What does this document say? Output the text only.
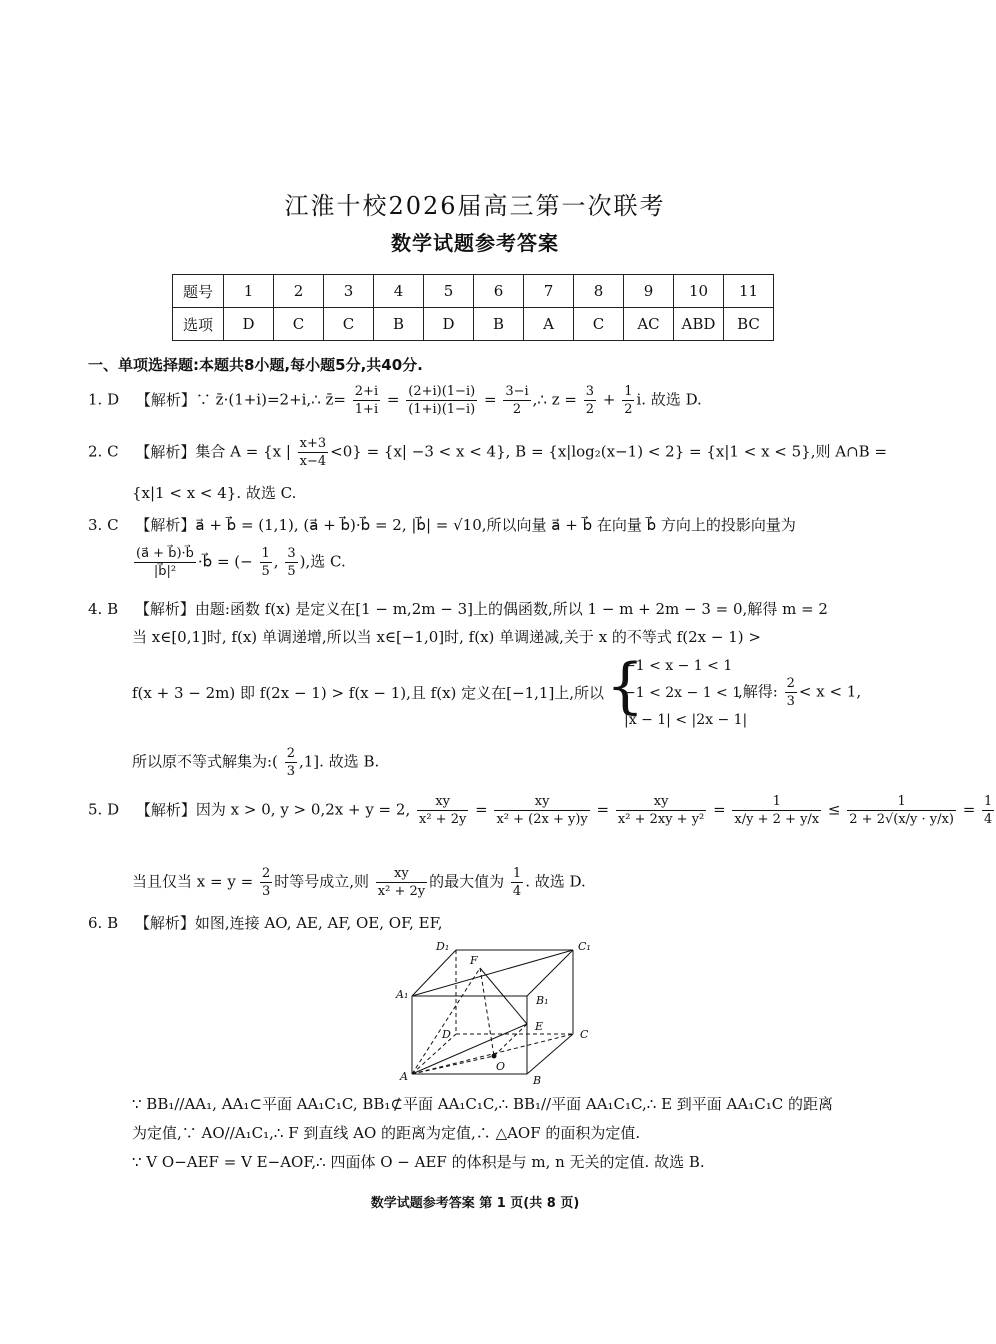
江淮十校2026届高三第一次联考
数学试题参考答案
题号	1	2	3	4	5	6	7	8	9	10	11
选项	D	C	C	B	D	B	A	C	AC	ABD	BC
一、单项选择题:本题共8小题,每小题5分,共40分.
1. D 【解析】∵ z̄·(1+i)=2+i,∴ z̄= $\frac{2+i}{1+i} = \frac{(2+i)(1-i)}{(1+i)(1-i)} = \frac{3-i}{2}$ ,∴ $z = \frac{3}{2} + \frac{1}{2} i$. 故选 D.
2. C 【解析】集合 A = {x | $\frac{x+3}{x-4} <0\} = \{x| -3 < x < 4\}$, B = {x|log₂(x−1) < 2} = {x|1 < x < 5},则 A∩B =
{x|1 < x < 4}. 故选 C.
3. C 【解析】a⃗ + b⃗ = (1,1), (a⃗ + b⃗)·b⃗ = 2, |b⃗| = √10,所以向量 a⃗ + b⃗ 在向量 b⃗ 方向上的投影向量为
$\frac{(a⃗ + b⃗)\cdot b⃗}{\text{|b⃗|²}}$ ·b⃗ = (− $\frac{1}{5}$ , $\frac{3}{5}$ ),选 C.
4. B 【解析】由题:函数 f(x) 是定义在[1 − m,2m − 3]上的偶函数,所以 1 − m + 2m − 3 = 0,解得 m = 2
当 x∈[0,1]时, f(x) 单调递增,所以当 x∈[−1,0]时, f(x) 单调递减,关于 x 的不等式 f(2x − 1) >
f(x + 3 − 2m) 即 f(2x − 1) > f(x − 1),且 f(x) 定义在[−1,1]上,所以 {
−1 < x − 1 < 1
−1 < 2x − 1 < 1
|x − 1| < |2x − 1|
,解得: $\frac{2}{3} < x < 1$,
所以原不等式解集为:( $\frac{2}{3} ,1$]. 故选 B.
5. D 【解析】因为 x > 0, y > 0,2x + y = 2, $\frac{xy}{\text{x² + 2y}} = \frac{xy}{\text{x² + (2x + y)y}} = \frac{xy}{\text{x² + 2xy + y²}} = \frac{1}{x/y + 2 + y/x} \le \frac{1}{2 + 2√(x/y \cdot y/x)} = \frac{1}{4}$
当且仅当 $x = y = \frac{2}{3}$ 时等号成立,则 $\frac{xy}{\text{x² + 2y}}$ 的最大值为 $\frac{1}{4}$ . 故选 D.
6. B 【解析】如图,连接 AO, AE, AF, OE, OF, EF,
D₁	C₁
F
A₁	B₁
E
D	C
O
A	B
∵ BB₁//AA₁, AA₁⊂平面 AA₁C₁C, BB₁⊄平面 AA₁C₁C,∴ BB₁//平面 AA₁C₁C,∴ E 到平面 AA₁C₁C 的距离
为定值,∵ AO//A₁C₁,∴ F 到直线 AO 的距离为定值,∴ △AOF 的面积为定值.
∵ V O−AEF = V E−AOF,∴ 四面体 O − AEF 的体积是与 m, n 无关的定值. 故选 B.
数学试题参考答案 第 1 页(共 8 页)
